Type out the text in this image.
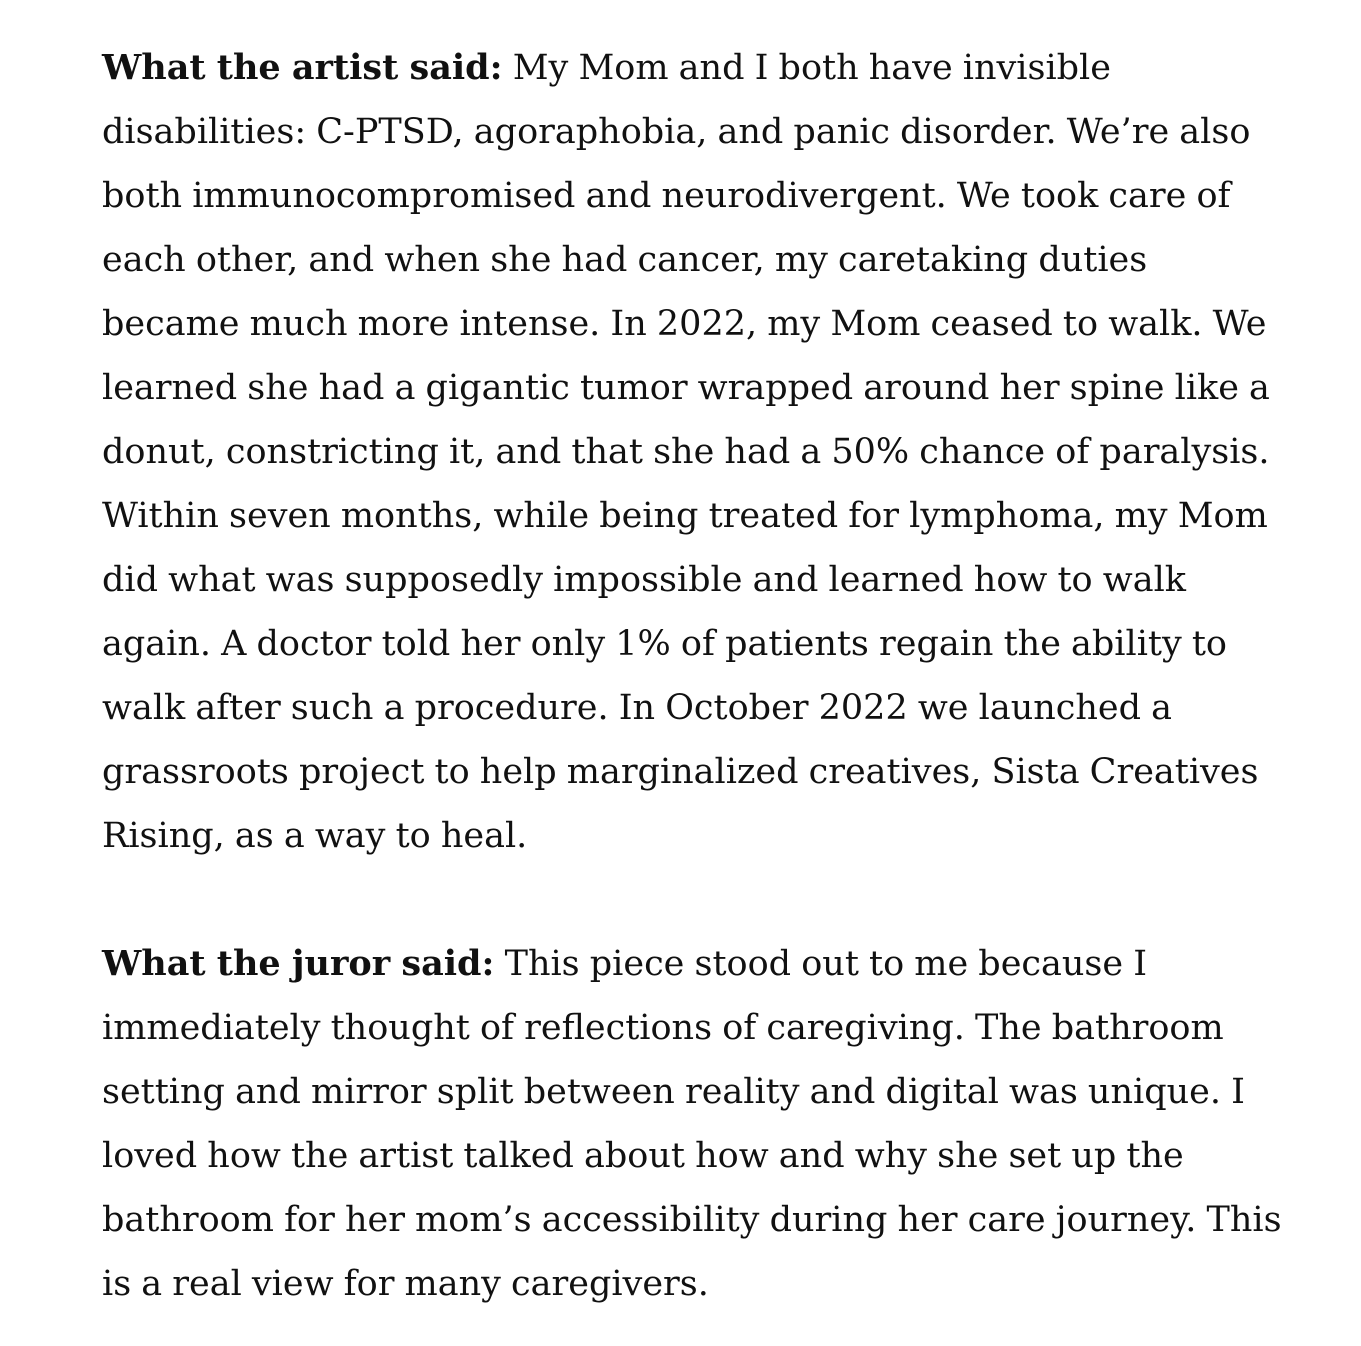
What the artist said: My Mom and I both have invisible disabilities: C-PTSD, agoraphobia, and panic disorder. We’re also both immunocompromised and neurodivergent. We took care of each other, and when she had cancer, my caretaking duties became much more intense. In 2022, my Mom ceased to walk. We learned she had a gigantic tumor wrapped around her spine like a donut, constricting it, and that she had a 50% chance of paralysis. Within seven months, while being treated for lymphoma, my Mom did what was supposedly impossible and learned how to walk again. A doctor told her only 1% of patients regain the ability to walk after such a procedure. In October 2022 we launched a grassroots project to help marginalized creatives, Sista Creatives Rising, as a way to heal.

What the juror said: This piece stood out to me because I immediately thought of reflections of caregiving. The bathroom setting and mirror split between reality and digital was unique. I loved how the artist talked about how and why she set up the bathroom for her mom’s accessibility during her care journey. This is a real view for many caregivers.
